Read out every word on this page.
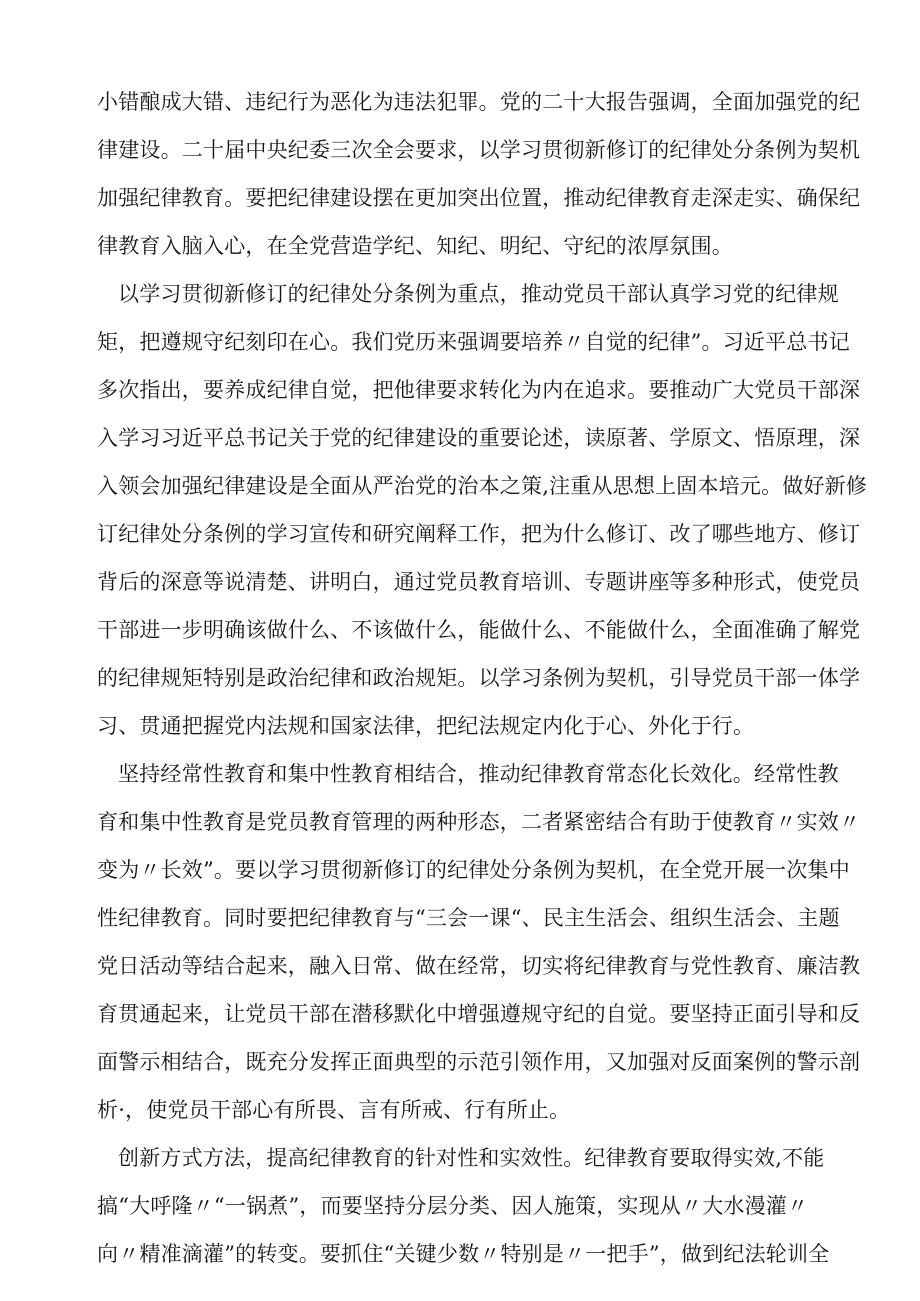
小错酿成大错、违纪行为恶化为违法犯罪。党的二十大报告强调，全面加强党的纪
律建设。二十届中央纪委三次全会要求，以学习贯彻新修订的纪律处分条例为契机
加强纪律教育。要把纪律建设摆在更加突出位置，推动纪律教育走深走实、确保纪
律教育入脑入心，在全党营造学纪、知纪、明纪、守纪的浓厚氛围。
以学习贯彻新修订的纪律处分条例为重点，推动党员干部认真学习党的纪律规
矩，把遵规守纪刻印在心。我们党历来强调要培养〃自觉的纪律”。习近平总书记
多次指出，要养成纪律自觉，把他律要求转化为内在追求。要推动广大党员干部深
入学习习近平总书记关于党的纪律建设的重要论述，读原著、学原文、悟原理，深
入领会加强纪律建设是全面从严治党的治本之策,注重从思想上固本培元。做好新修
订纪律处分条例的学习宣传和研究阐释工作，把为什么修订、改了哪些地方、修订
背后的深意等说清楚、讲明白，通过党员教育培训、专题讲座等多种形式，使党员
干部进一步明确该做什么、不该做什么，能做什么、不能做什么，全面准确了解党
的纪律规矩特别是政治纪律和政治规矩。以学习条例为契机，引导党员干部一体学
习、贯通把握党内法规和国家法律，把纪法规定内化于心、外化于行。
坚持经常性教育和集中性教育相结合，推动纪律教育常态化长效化。经常性教
育和集中性教育是党员教育管理的两种形态，二者紧密结合有助于使教育〃实效〃
变为〃长效”。要以学习贯彻新修订的纪律处分条例为契机，在全党开展一次集中
性纪律教育。同时要把纪律教育与“三会一课“、民主生活会、组织生活会、主题
党日活动等结合起来，融入日常、做在经常，切实将纪律教育与党性教育、廉洁教
育贯通起来，让党员干部在潜移默化中增强遵规守纪的自觉。要坚持正面引导和反
面警示相结合，既充分发挥正面典型的示范引领作用，又加强对反面案例的警示剖
析·，使党员干部心有所畏、言有所戒、行有所止。
创新方式方法，提高纪律教育的针对性和实效性。纪律教育要取得实效,不能
搞“大呼隆〃“一锅煮”，而要坚持分层分类、因人施策，实现从〃大水漫灌〃
向〃精准滴灌”的转变。要抓住“关键少数〃特别是〃一把手”，做到纪法轮训全
